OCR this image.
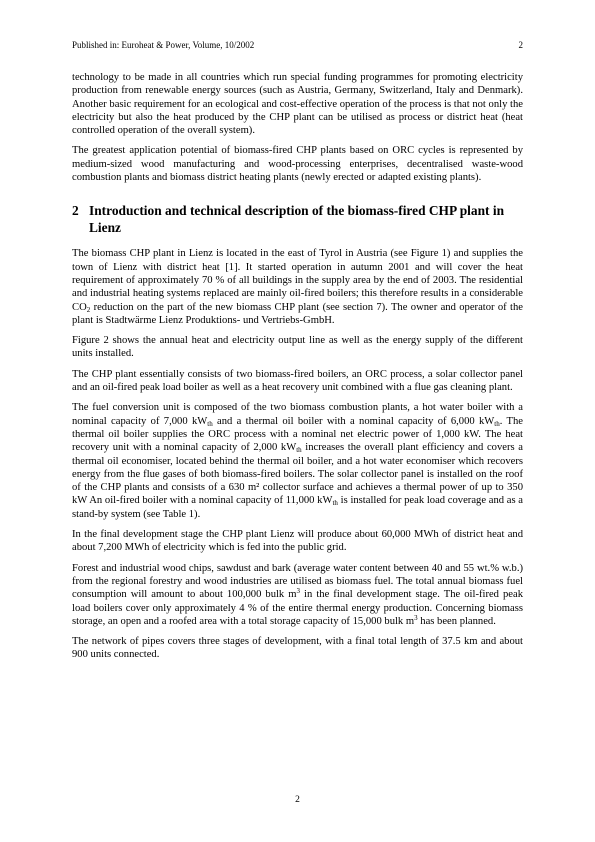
Published in: Euroheat & Power, Volume, 10/2002	2

technology to be made in all countries which run special funding programmes for promoting electricity production from renewable energy sources (such as Austria, Germany, Switzerland, Italy and Denmark). Another basic requirement for an ecological and cost-effective operation of the process is that not only the electricity but also the heat produced by the CHP plant can be utilised as process or district heat (heat controlled operation of the overall system).

The greatest application potential of biomass-fired CHP plants based on ORC cycles is represented by medium-sized wood manufacturing and wood-processing enterprises, decentralised waste-wood combustion plants and biomass district heating plants (newly erected or adapted existing plants).

2 Introduction and technical description of the biomass-fired CHP plant in Lienz

The biomass CHP plant in Lienz is located in the east of Tyrol in Austria (see Figure 1) and supplies the town of Lienz with district heat [1]. It started operation in autumn 2001 and will cover the heat requirement of approximately 70 % of all buildings in the supply area by the end of 2003. The residential and industrial heating systems replaced are mainly oil-fired boilers; this therefore results in a considerable $CO_2$ reduction on the part of the new biomass CHP plant (see section 7). The owner and operator of the plant is Stadtwärme Lienz Produktions- und Vertriebs-GmbH.

Figure 2 shows the annual heat and electricity output line as well as the energy supply of the different units installed.

The CHP plant essentially consists of two biomass-fired boilers, an ORC process, a solar collector panel and an oil-fired peak load boiler as well as a heat recovery unit combined with a flue gas cleaning plant.

The fuel conversion unit is composed of the two biomass combustion plants, a hot water boiler with a nominal capacity of 7,000 $kW_{th}$ and a thermal oil boiler with a nominal capacity of 6,000 $kW_{th}$. The thermal oil boiler supplies the ORC process with a nominal net electric power of 1,000 kW. The heat recovery unit with a nominal capacity of 2,000 $kW_{th}$ increases the overall plant efficiency and covers a thermal oil economiser, located behind the thermal oil boiler, and a hot water economiser which recovers energy from the flue gases of both biomass-fired boilers. The solar collector panel is installed on the roof of the CHP plants and consists of a 630 m² collector surface and achieves a thermal power of up to 350 kW An oil-fired boiler with a nominal capacity of 11,000 $kW_{th}$ is installed for peak load coverage and as a stand-by system (see Table 1).

In the final development stage the CHP plant Lienz will produce about 60,000 MWh of district heat and about 7,200 MWh of electricity which is fed into the public grid.

Forest and industrial wood chips, sawdust and bark (average water content between 40 and 55 wt.% w.b.) from the regional forestry and wood industries are utilised as biomass fuel. The total annual biomass fuel consumption will amount to about 100,000 bulk $m^3$ in the final development stage. The oil-fired peak load boilers cover only approximately 4 % of the entire thermal energy production. Concerning biomass storage, an open and a roofed area with a total storage capacity of 15,000 bulk $m^3$ has been planned.

The network of pipes covers three stages of development, with a final total length of 37.5 km and about 900 units connected.

2
